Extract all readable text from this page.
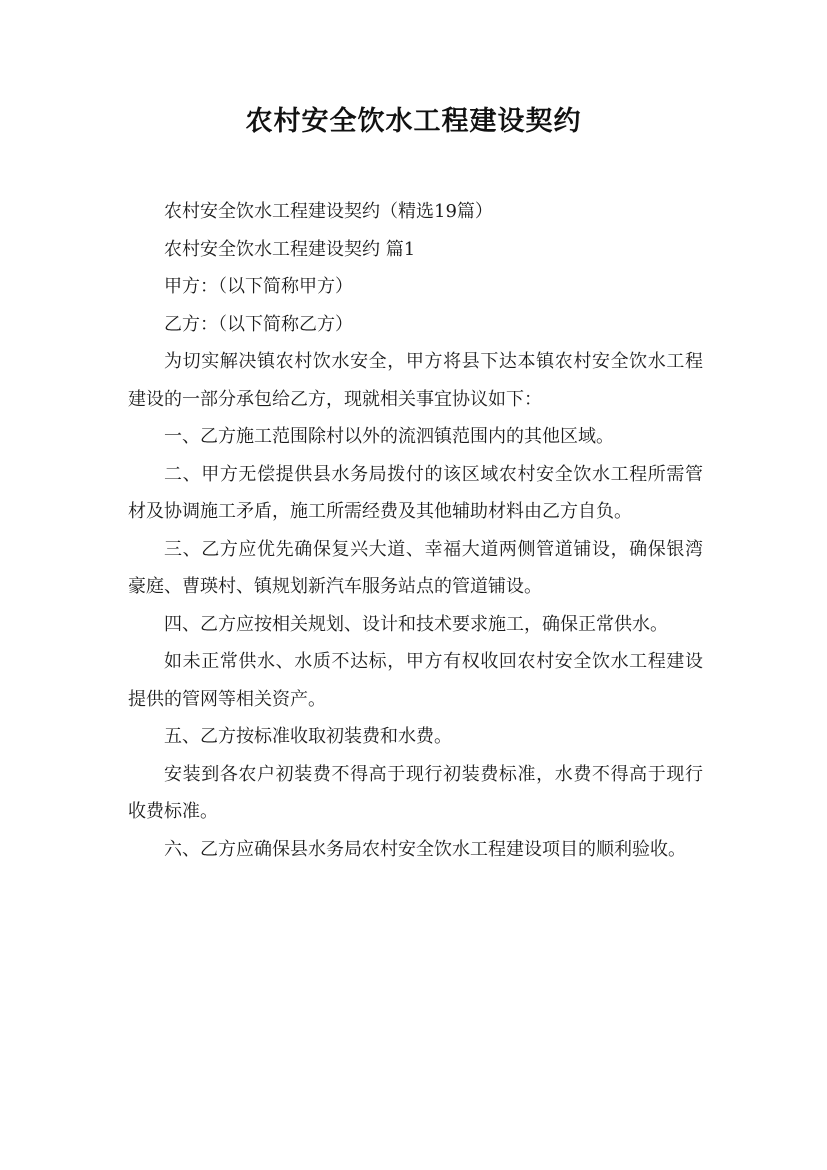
农村安全饮水工程建设契约

农村安全饮水工程建设契约（精选19篇）

农村安全饮水工程建设契约 篇1

甲方：（以下简称甲方）

乙方：（以下简称乙方）

为切实解决镇农村饮水安全，甲方将县下达本镇农村安全饮水工程建设的一部分承包给乙方，现就相关事宜协议如下：

一、乙方施工范围除村以外的流泗镇范围内的其他区域。

二、甲方无偿提供县水务局拨付的该区域农村安全饮水工程所需管材及协调施工矛盾，施工所需经费及其他辅助材料由乙方自负。

三、乙方应优先确保复兴大道、幸福大道两侧管道铺设，确保银湾豪庭、曹瑛村、镇规划新汽车服务站点的管道铺设。

四、乙方应按相关规划、设计和技术要求施工，确保正常供水。

如未正常供水、水质不达标，甲方有权收回农村安全饮水工程建设提供的管网等相关资产。

五、乙方按标准收取初装费和水费。

安装到各农户初装费不得高于现行初装费标准，水费不得高于现行收费标准。

六、乙方应确保县水务局农村安全饮水工程建设项目的顺利验收。
